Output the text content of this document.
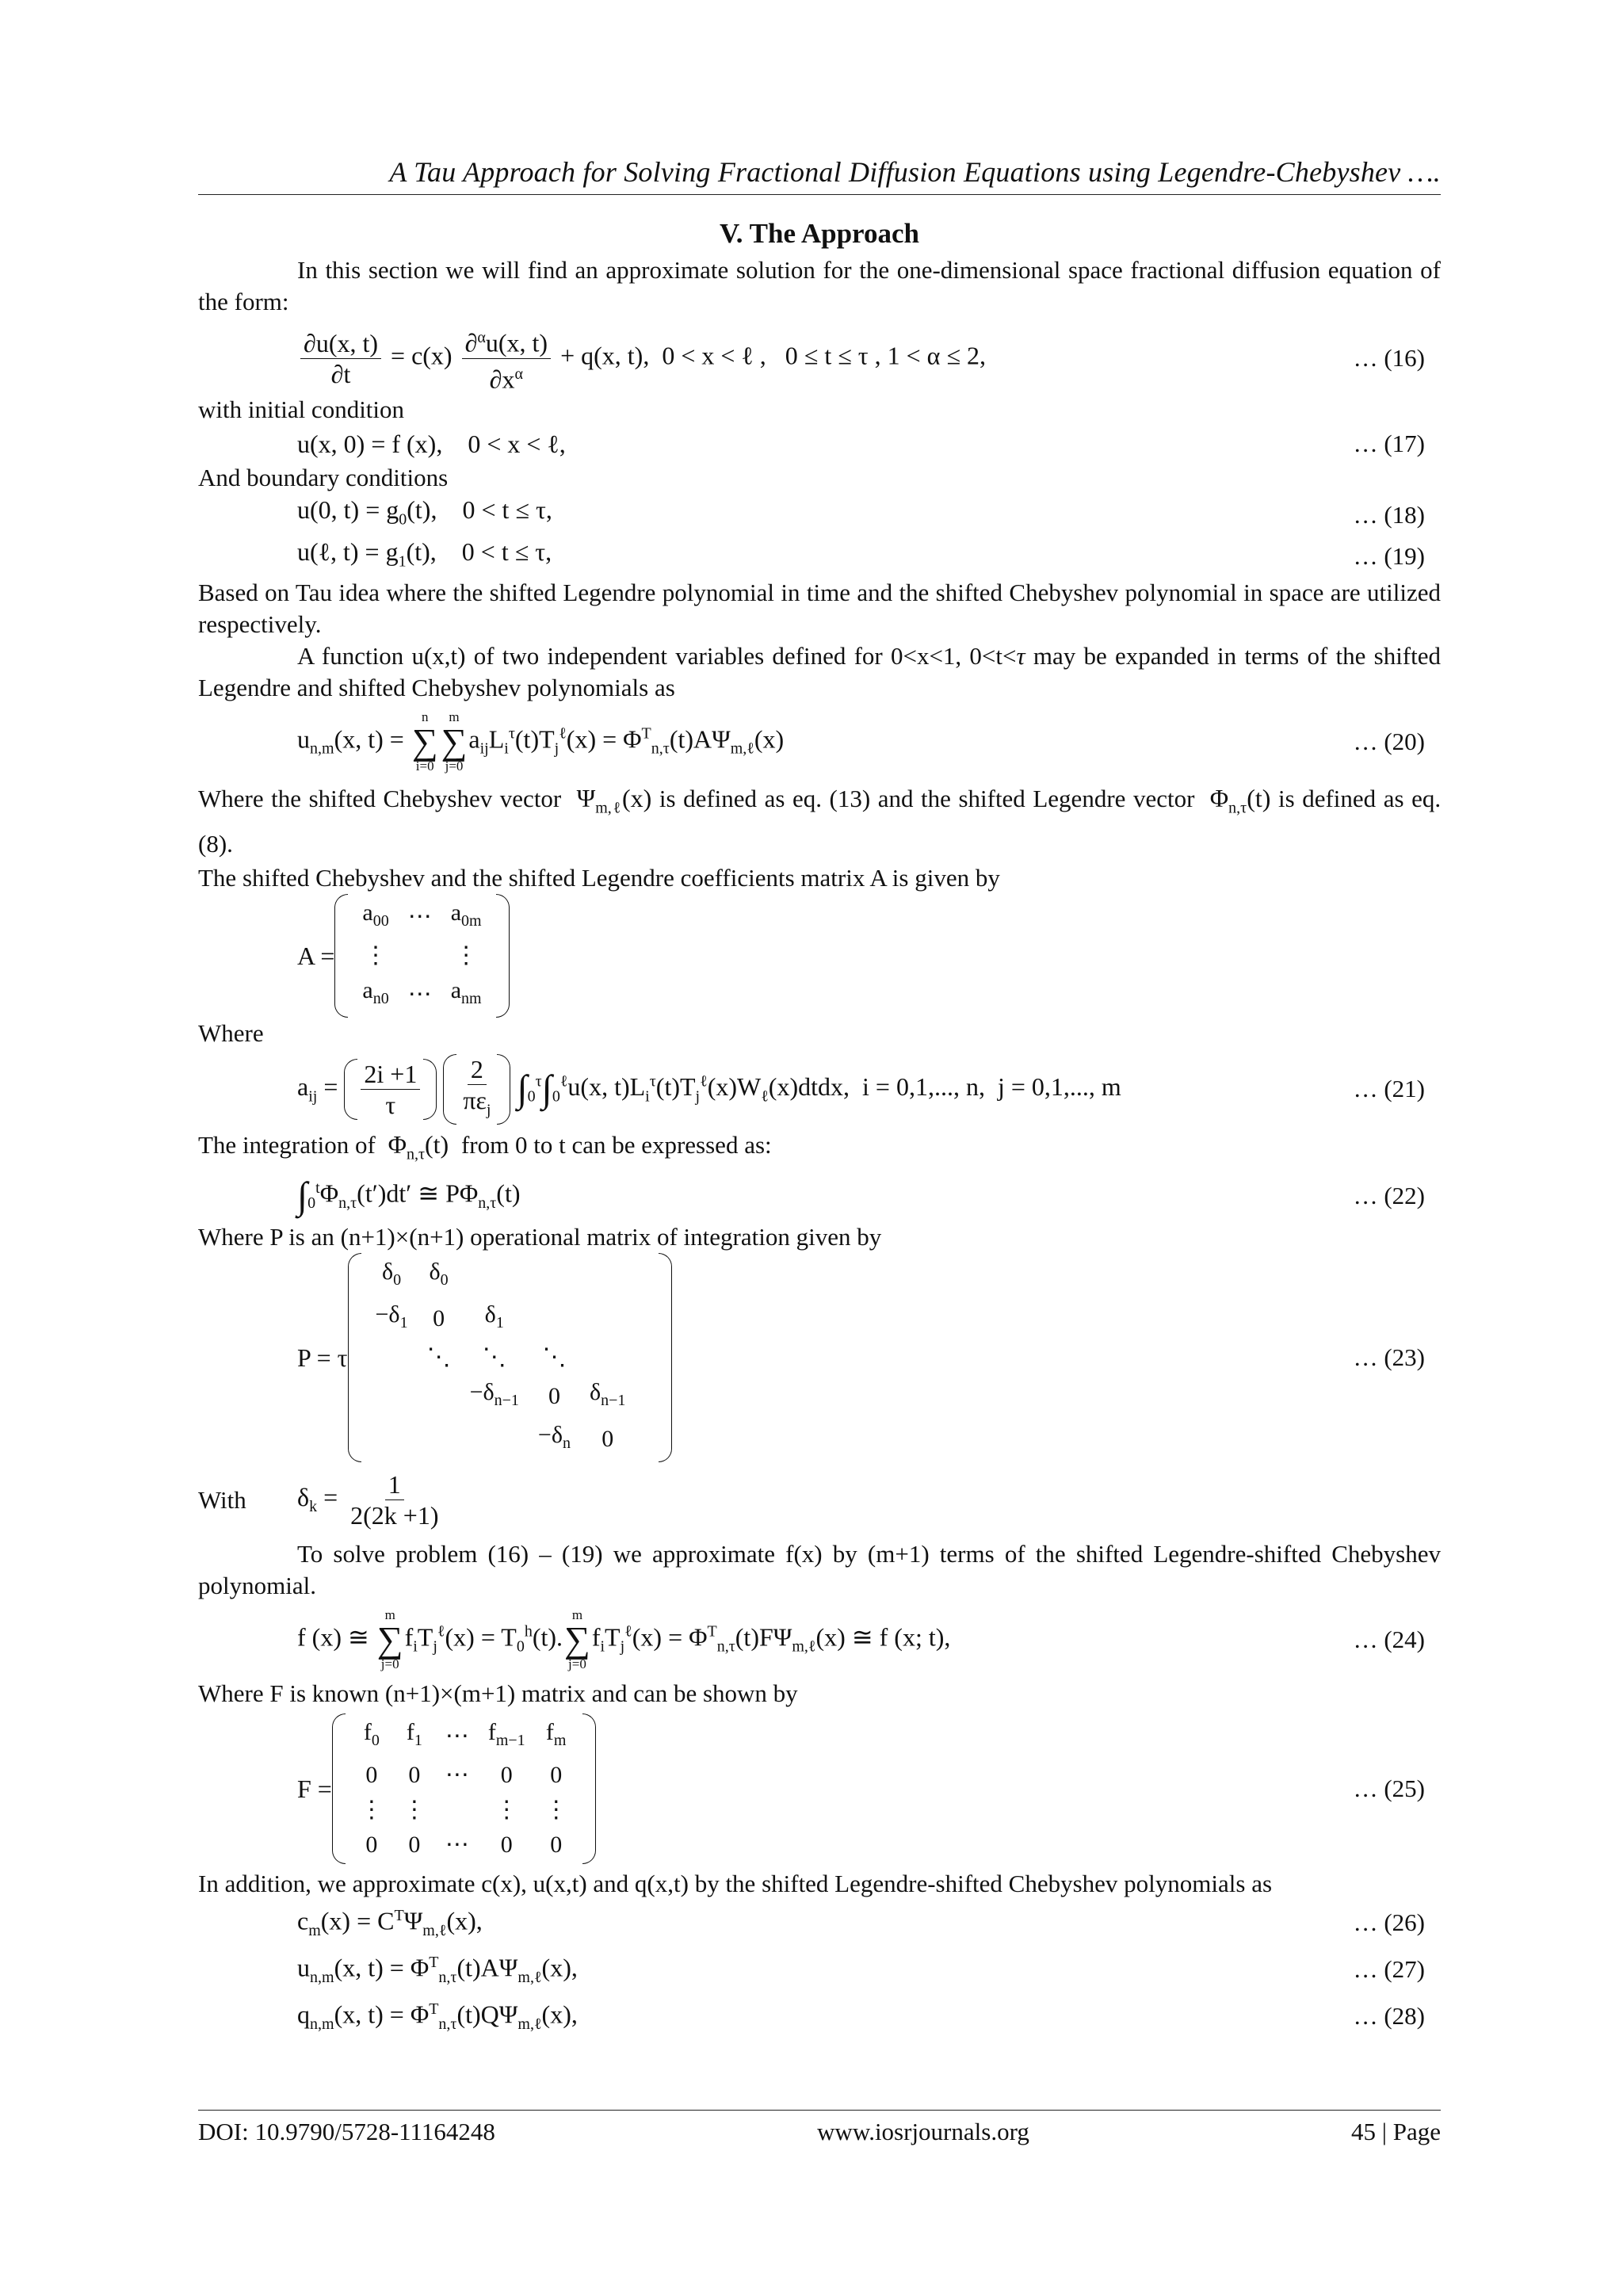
A Tau Approach for Solving Fractional Diffusion Equations using Legendre-Chebyshev ….
V. The Approach

In this section we will find an approximate solution for the one-dimensional space fractional diffusion equation of the form:

$\frac{\partial u(x, t)}{\partial t} = c(x) \frac{\partial^\alpha u(x, t)}{\partial x^\alpha} + q(x$, t),  0 < x < ℓ ,   0 ≤ t ≤ τ , 1 < α ≤ 2,	… (16)

with initial condition

u(x, 0) = f (x),    0 < x < ℓ,	… (17)

And boundary conditions

u(0, $t) = g_0(t)$,    0 < t ≤ τ,	… (18)
u(ℓ, $t) = g_1(t)$,    0 < t ≤ τ,	… (19)

Based on Tau idea where the shifted Legendre polynomial in time and the shifted Chebyshev polynomial in space are utilized respectively.

A function u(x,t) of two independent variables defined for 0<x<1, 0<t<τ may be expanded in terms of the shifted Legendre and shifted Chebyshev polynomials as

$u_{n,m}(x$, t) =
n
∑
i=0
m
∑
j=0
$a_{ij}L_i^\tau(t)T_j^\ell(x) = \Phi^T_{n,\tau}(t)A\Psi_{m,\ell}(x)$	… (20)

Where the shifted Chebyshev vector  $\Psi_{m,\ell}(x)$ is defined as eq. (13) and the shifted Legendre vector  $\Phi_{n,\tau}(t)$ is defined as eq. (8).

The shifted Chebyshev and the shifted Legendre coefficients matrix A is given by

A =
$a_{00}$	⋯	$a_{0m}$
⋮		⋮
$a_{n0}$	⋯	$a_{nm}$

Where

$a_{ij} = \frac{2i +1}{\tau}$
$\frac{2}{\pi\varepsilon_j} \int_0^\tau\int_0^\ell u(x$, $t)L_i^\tau(t)T_j^\ell(x)W_\ell(x)dtdx$,  i = 0,1,..., n,  j = 0,1,..., m	… (21)

The integration of  $\Phi_{n,\tau}(t)$  from 0 to t can be expressed as:

$\int_0^t\Phi_{n,\tau}(t')dt'$ ≅ $P\Phi_{n,\tau}(t)$	… (22)

Where P is an (n+1)×(n+1) operational matrix of integration given by

P = τ
$\delta_0$	$\delta_0$				
$-\delta_1$	0	$\delta_1$			
	⋱	⋱	⋱		
		$-\delta_{n-1}$	0	$\delta_{n-1}$	
			$-\delta_n$	0	
… (23)
With	$\delta_k = \frac{1}{2(2k +1)}$

To solve problem (16) – (19) we approximate f(x) by (m+1) terms of the shifted Legendre-shifted Chebyshev polynomial.

f (x) ≅
m
∑
j=0
$f_iT_j^\ell(x) = T_0^h(t)$.
m
∑
j=0
$f_iT_j^\ell(x) = \Phi^T_{n,\tau}(t)F\Psi_{m,\ell}(x)$ ≅ f (x; t),	… (24)

Where F is known (n+1)×(m+1) matrix and can be shown by

F =
$f_0$	$f_1$	⋯	$f_{m-1}$	$f_m$
0	0	⋯	0	0
⋮	⋮		⋮	⋮
0	0	⋯	0	0
… (25)

In addition, we approximate c(x), u(x,t) and q(x,t) by the shifted Legendre-shifted Chebyshev polynomials as

$c_m(x) = C^T\Psi_{m,\ell}(x)$,	… (26)
$u_{n,m}(x$, $t) = \Phi^T_{n,\tau}(t)A\Psi_{m,\ell}(x)$,	… (27)
$q_{n,m}(x$, $t) = \Phi^T_{n,\tau}(t)Q\Psi_{m,\ell}(x)$,	… (28)
DOI: 10.9790/5728-11164248	www.iosrjournals.org	45 | Page
